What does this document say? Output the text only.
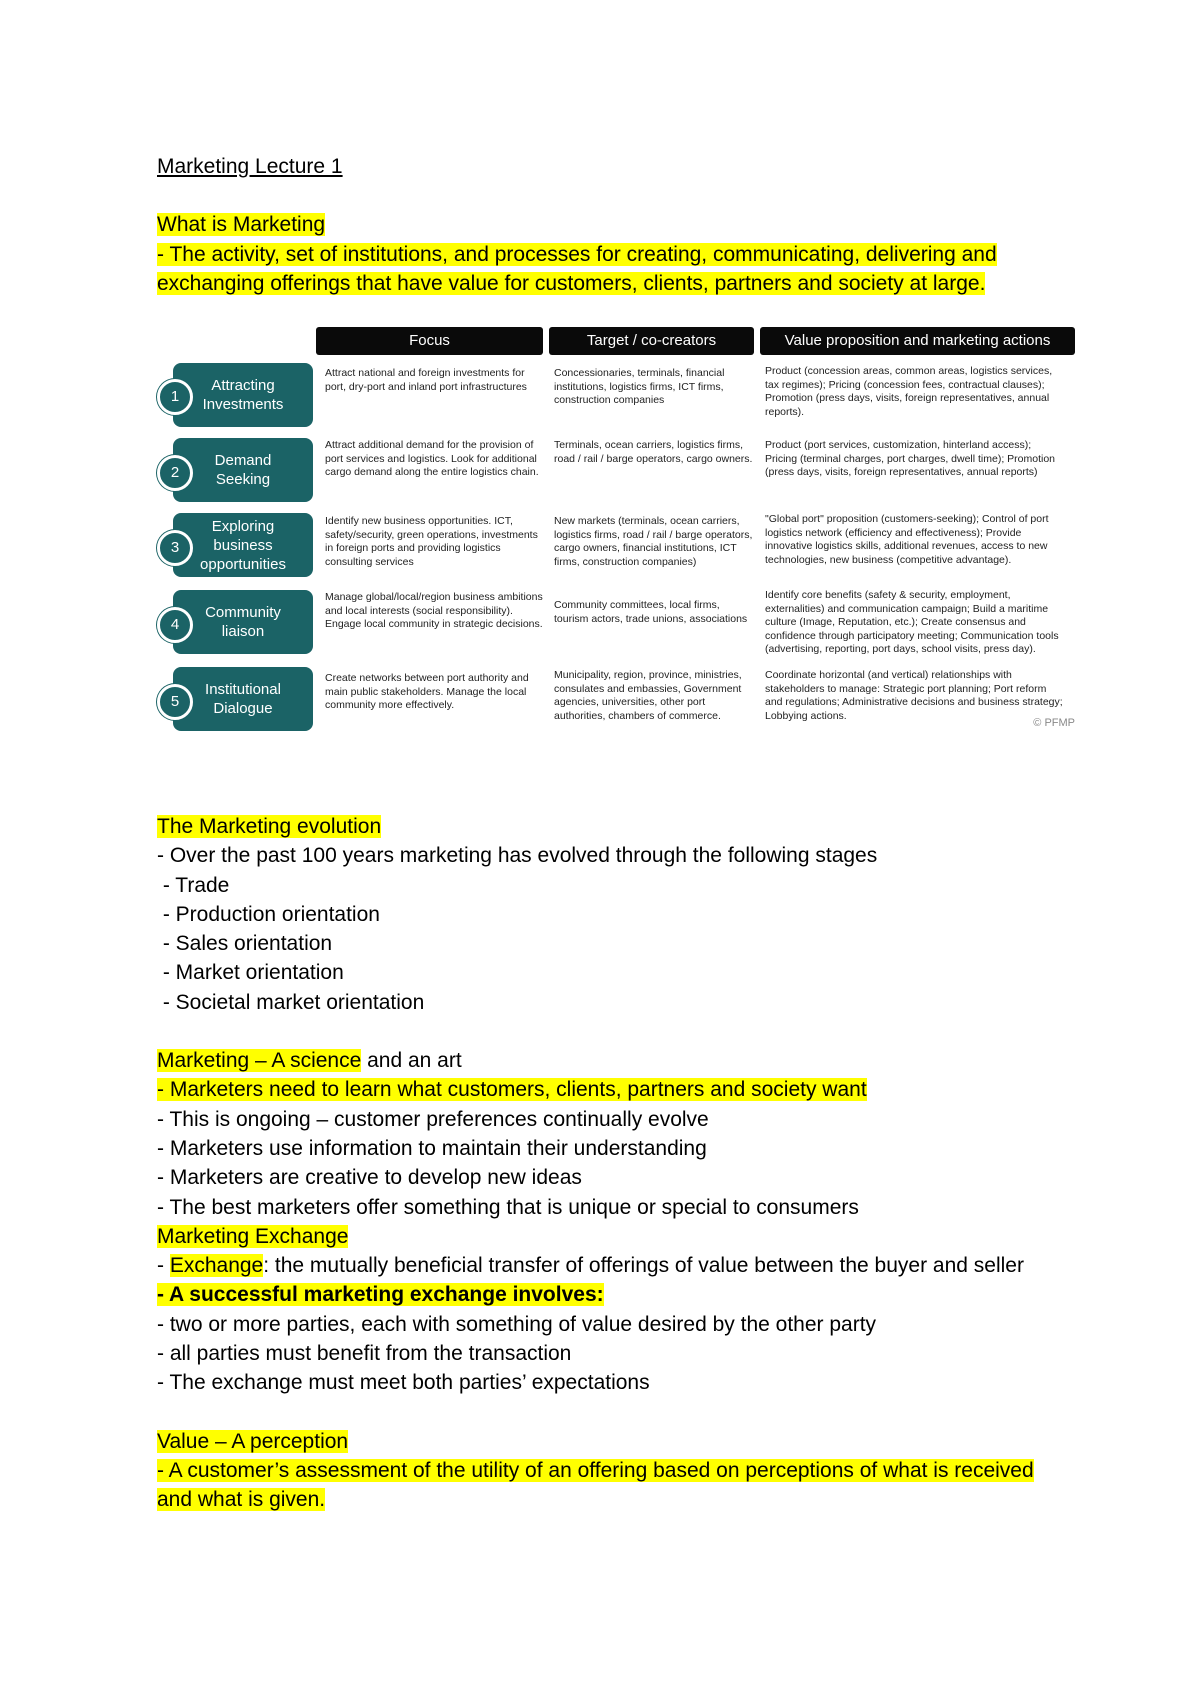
Marketing Lecture 1

What is Marketing

- The activity, set of institutions, and processes for creating, communicating, delivering and exchanging offerings that have value for customers, clients, partners and society at large.

Focus	Target / co-creators	Value proposition and marketing actions
Attracting
Investments
1
Attract national and foreign investments for port, dry-port and inland port infrastructures
Concessionaries, terminals, financial institutions, logistics firms, ICT firms, construction companies
Product (concession areas, common areas, logistics services, tax regimes); Pricing (concession fees, contractual clauses); Promotion (press days, visits, foreign representatives, annual reports).
Demand
Seeking
2
Attract additional demand for the provision of port services and logistics. Look for additional cargo demand along the entire logistics chain.
Terminals, ocean carriers, logistics firms, road / rail / barge operators, cargo owners.
Product (port services, customization, hinterland access); Pricing (terminal charges, port charges, dwell time); Promotion (press days, visits, foreign representatives, annual reports)
Exploring
business
opportunities
3
Identify new business opportunities. ICT, safety/security, green operations, investments in foreign ports and providing logistics consulting services
New markets (terminals, ocean carriers, logistics firms, road / rail / barge operators, cargo owners, financial institutions, ICT firms, construction companies)
"Global port" proposition (customers-seeking); Control of port logistics network (efficiency and effectiveness); Provide innovative logistics skills, additional revenues, access to new technologies, new business (competitive advantage).
Community
liaison
4
Manage global/local/region business ambitions and local interests (social responsibility). Engage local community in strategic decisions.
Community committees, local firms, tourism actors, trade unions, associations
Identify core benefits (safety & security, employment, externalities) and communication campaign; Build a maritime culture (Image, Reputation, etc.); Create consensus and confidence through participatory meeting; Communication tools (advertising, reporting, port days, school visits, press day).
Institutional
Dialogue
5
Create networks between port authority and main public stakeholders. Manage the local community more effectively.
Municipality, region, province, ministries, consulates and embassies, Government agencies, universities, other port authorities, chambers of commerce.
Coordinate horizontal (and vertical) relationships with stakeholders to manage: Strategic port planning; Port reform and regulations; Administrative decisions and business strategy; Lobbying actions.
© PFMP

The Marketing evolution

- Over the past 100 years marketing has evolved through the following stages

- Trade

- Production orientation

- Sales orientation

- Market orientation

- Societal market orientation

Marketing – A science and an art

- Marketers need to learn what customers, clients, partners and society want

- This is ongoing – customer preferences continually evolve

- Marketers use information to maintain their understanding

- Marketers are creative to develop new ideas

- The best marketers offer something that is unique or special to consumers

Marketing Exchange

- Exchange: the mutually beneficial transfer of offerings of value between the buyer and seller

- A successful marketing exchange involves:

- two or more parties, each with something of value desired by the other party

- all parties must benefit from the transaction

- The exchange must meet both parties’ expectations

Value – A perception

- A customer’s assessment of the utility of an offering based on perceptions of what is received and what is given.
